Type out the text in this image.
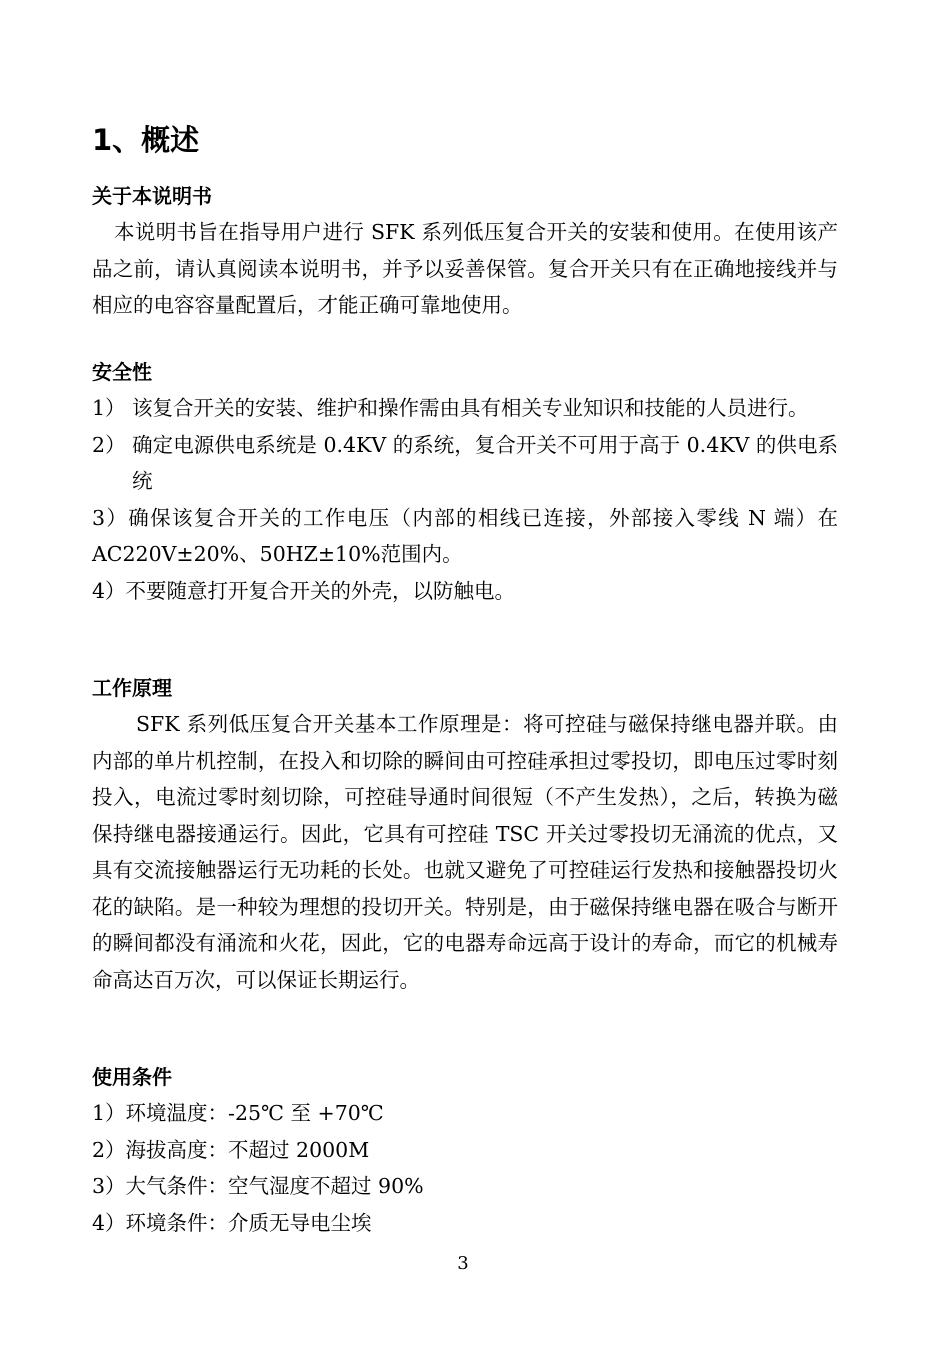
1、概述
关于本说明书

本说明书旨在指导用户进行 SFK 系列低压复合开关的安装和使用。在使用该产品之前，请认真阅读本说明书，并予以妥善保管。复合开关只有在正确地接线并与相应的电容容量配置后，才能正确可靠地使用。

安全性
1） 该复合开关的安装、维护和操作需由具有相关专业知识和技能的人员进行。
2） 确定电源供电系统是 0.4KV 的系统，复合开关不可用于高于 0.4KV 的供电系统
3）确保该复合开关的工作电压（内部的相线已连接，外部接入零线 N 端）在 AC220V±20%、50HZ±10%范围内。
4）不要随意打开复合开关的外壳，以防触电。
工作原理

SFK 系列低压复合开关基本工作原理是：将可控硅与磁保持继电器并联。由内部的单片机控制，在投入和切除的瞬间由可控硅承担过零投切，即电压过零时刻投入，电流过零时刻切除，可控硅导通时间很短（不产生发热），之后，转换为磁保持继电器接通运行。因此，它具有可控硅 TSC 开关过零投切无涌流的优点，又具有交流接触器运行无功耗的长处。也就又避免了可控硅运行发热和接触器投切火花的缺陷。是一种较为理想的投切开关。特别是，由于磁保持继电器在吸合与断开的瞬间都没有涌流和火花，因此，它的电器寿命远高于设计的寿命，而它的机械寿命高达百万次，可以保证长期运行。

使用条件
1）环境温度：-25℃ 至 +70℃
2）海拔高度：不超过 2000M
3）大气条件：空气湿度不超过 90%
4）环境条件：介质无导电尘埃
3
